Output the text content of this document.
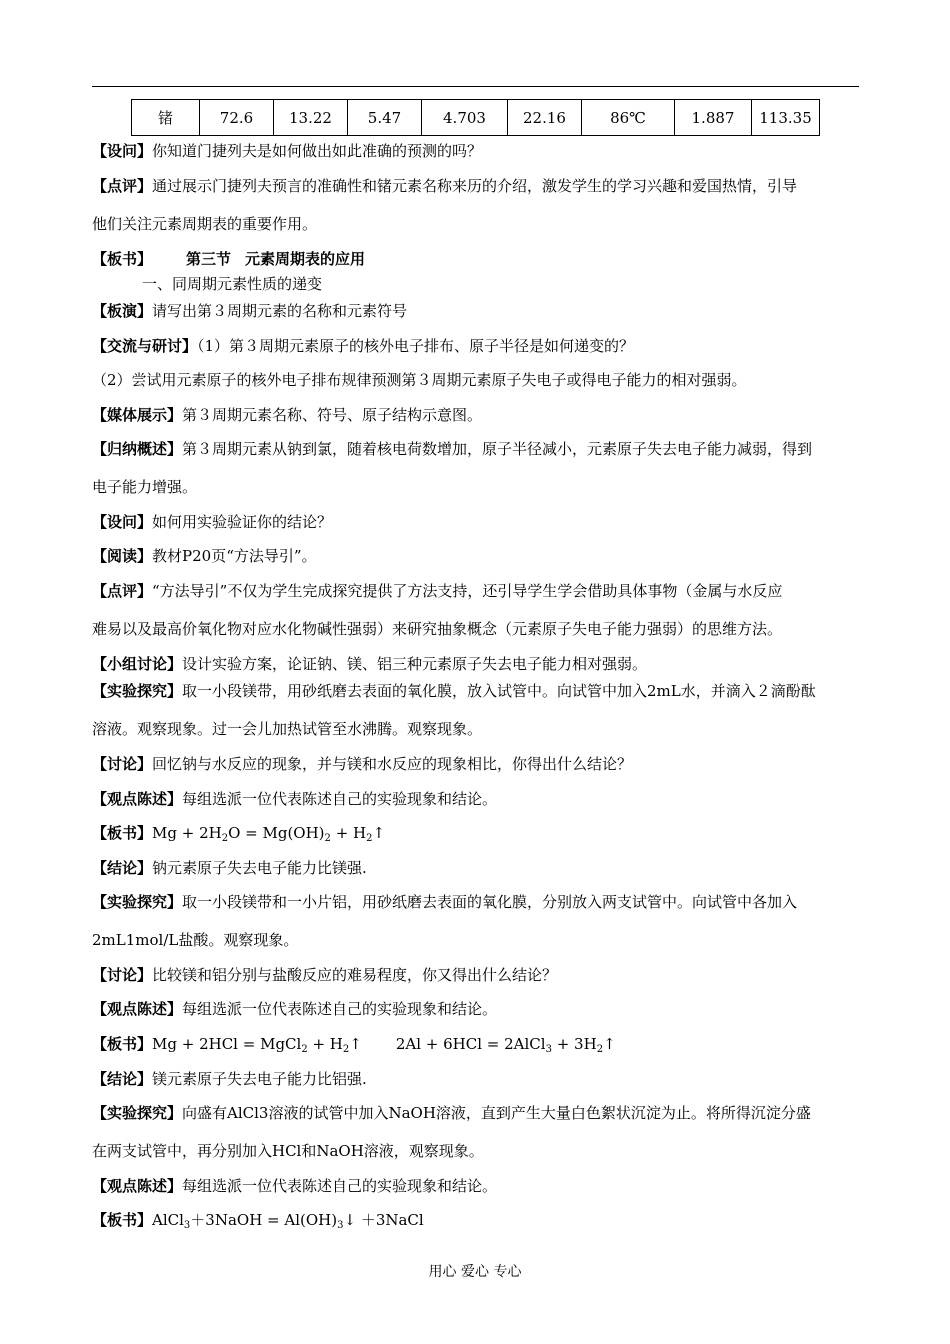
锗	72.6	13.22	5.47	4.703	22.16	86℃	1.887	113.35
【设问】你知道门捷列夫是如何做出如此准确的预测的吗？
【点评】通过展示门捷列夫预言的准确性和锗元素名称来历的介绍，激发学生的学习兴趣和爱国热情，引导
他们关注元素周期表的重要作用。
【板书】 第三节 元素周期表的应用
一、同周期元素性质的递变
【板演】请写出第３周期元素的名称和元素符号
【交流与研讨】（1）第３周期元素原子的核外电子排布、原子半径是如何递变的？
（2）尝试用元素原子的核外电子排布规律预测第３周期元素原子失电子或得电子能力的相对强弱。
【媒体展示】第３周期元素名称、符号、原子结构示意图。
【归纳概述】第３周期元素从钠到氯，随着核电荷数增加，原子半径减小，元素原子失去电子能力减弱，得到
电子能力增强。
【设问】如何用实验验证你的结论？
【阅读】教材P20页“方法导引”。
【点评】“方法导引”不仅为学生完成探究提供了方法支持，还引导学生学会借助具体事物（金属与水反应
难易以及最高价氧化物对应水化物碱性强弱）来研究抽象概念（元素原子失电子能力强弱）的思维方法。
【小组讨论】设计实验方案，论证钠、镁、铝三种元素原子失去电子能力相对强弱。
【实验探究】取一小段镁带，用砂纸磨去表面的氧化膜，放入试管中。向试管中加入2mL水，并滴入２滴酚酞
溶液。观察现象。过一会儿加热试管至水沸腾。观察现象。
【讨论】回忆钠与水反应的现象，并与镁和水反应的现象相比，你得出什么结论？
【观点陈述】每组选派一位代表陈述自己的实验现象和结论。
【板书】$Mg + 2H_2O = Mg(OH)_2$ + $H_2↑$
【结论】钠元素原子失去电子能力比镁强.
【实验探究】取一小段镁带和一小片铝，用砂纸磨去表面的氧化膜，分别放入两支试管中。向试管中各加入
2mL1mol/L盐酸。观察现象。
【讨论】比较镁和铝分别与盐酸反应的难易程度，你又得出什么结论？
【观点陈述】每组选派一位代表陈述自己的实验现象和结论。
【板书】Mg + 2HCl = MgCl$_2$ + $H_2↑$ 2Al + 6HCl = 2AlCl$_3$ + $3H_2↑$
【结论】镁元素原子失去电子能力比铝强.
【实验探究】向盛有AlCl3溶液的试管中加入NaOH溶液，直到产生大量白色絮状沉淀为止。将所得沉淀分盛
在两支试管中，再分别加入HCl和NaOH溶液，观察现象。
【观点陈述】每组选派一位代表陈述自己的实验现象和结论。
【板书】AlCl$_3$＋3NaOH = $Al(OH)_3↓$ ＋3NaCl
用心 爱心 专心
